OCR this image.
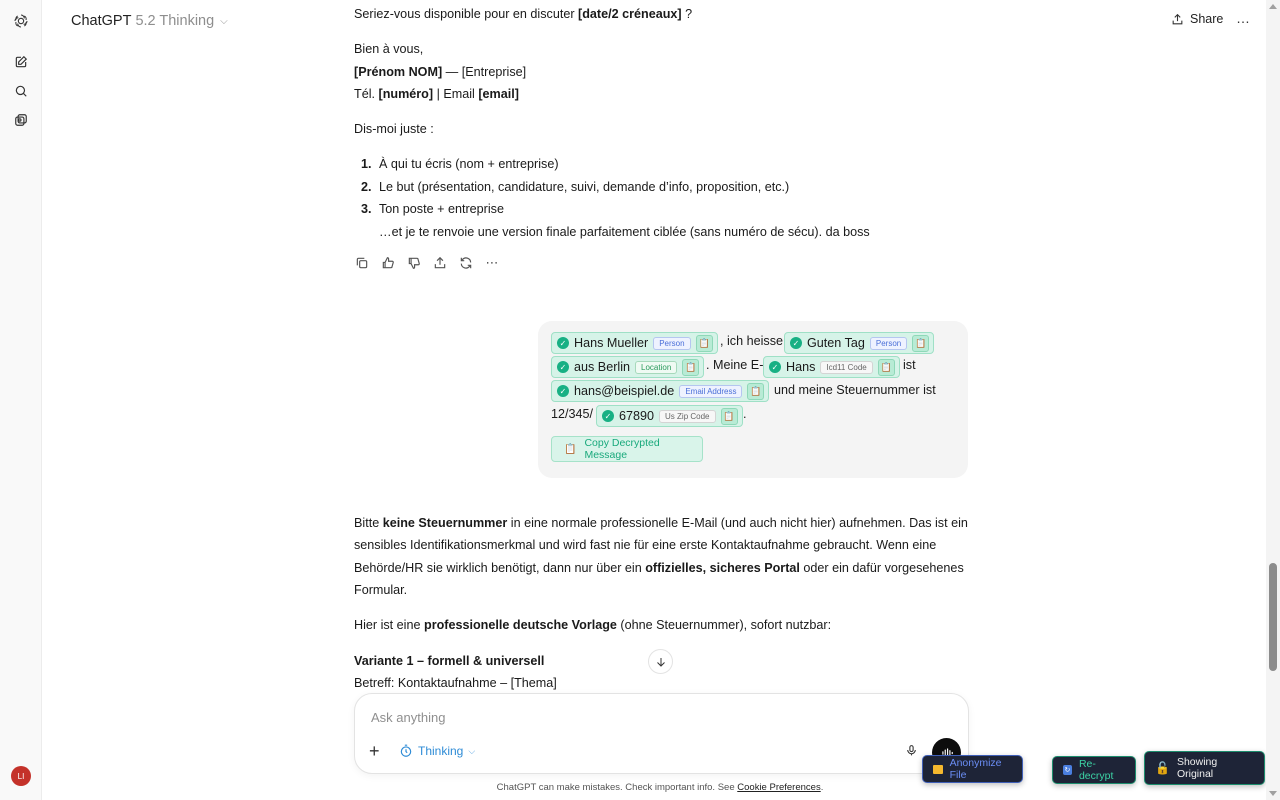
LI
ChatGPT 5.2 Thinking ⌵	Share …
Seriez-vous disponible pour en discuter [date/2 créneaux] ?
Bien à vous,
[Prénom NOM] — [Entreprise]
Tél. [numéro] | Email [email]
Dis-moi juste :
1. À qui tu écris (nom + entreprise)
2. Le but (présentation, candidature, suivi, demande d’info, proposition, etc.)
3. Ton poste + entreprise
…et je te renvoie une version finale parfaitement ciblée (sans numéro de sécu). da boss
⋯
✓ Hans Mueller	Person	📋 , ich heisse	✓ Guten Tag	Person	📋
✓ aus Berlin	Location	📋 . Meine E-	✓ Hans	Icd11 Code	📋 ist
✓ hans@beispiel.de	Email Address	📋 und meine Steuernummer ist
12/345/	✓ 67890	Us Zip Code	📋 .
📋 Copy Decrypted Message
Bitte keine Steuernummer in eine normale professionelle E-Mail (und auch nicht hier) aufnehmen. Das ist ein
sensibles Identifikationsmerkmal und wird fast nie für eine erste Kontaktaufnahme gebraucht. Wenn eine
Behörde/HR sie wirklich benötigt, dann nur über ein offizielles, sicheres Portal oder ein dafür vorgesehenes
Formular.
Hier ist eine professionelle deutsche Vorlage (ohne Steuernummer), sofort nutzbar:
Variante 1 – formell & universell
Betreff: Kontaktaufnahme – [Thema]
Ask anything
+	Thinking ⌵
ChatGPT can make mistakes. Check important info. See Cookie Preferences.
Anonymize File	↻
Re-decrypt
🔓 Showing Original
